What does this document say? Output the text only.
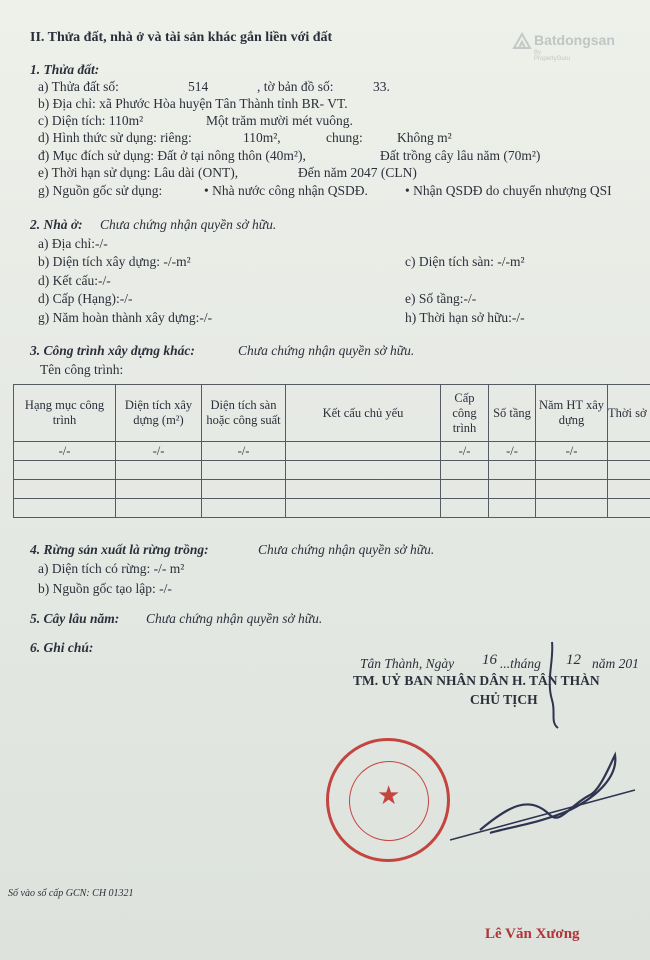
II. Thửa đất, nhà ở và tài sản khác gắn liền với đất	Batdongsan
By PropertyGuru
1. Thửa đất:
a) Thửa đất số:	514	, tờ bản đồ số:	33.
b) Địa chỉ: xã Phước Hòa huyện Tân Thành tỉnh BR- VT.
c) Diện tích: 110m²	Một trăm mười mét vuông.
d) Hình thức sử dụng: riêng:	110m²,	chung:	Không m²
đ) Mục đích sử dụng: Đất ở tại nông thôn (40m²),	Đất trồng cây lâu năm (70m²)
e) Thời hạn sử dụng: Lâu dài (ONT),	Đến năm 2047 (CLN)
g) Nguồn gốc sử dụng:	• Nhà nước công nhận QSDĐ.	• Nhận QSDĐ do chuyển nhượng QSI
2. Nhà ở: Chưa chứng nhận quyền sở hữu.
a) Địa chỉ:-/-
b) Diện tích xây dựng: -/-m²	c) Diện tích sàn: -/-m²
d) Kết cấu:-/-
d) Cấp (Hạng):-/-	e) Số tầng:-/-
g) Năm hoàn thành xây dựng:-/-	h) Thời hạn sở hữu:-/-
3. Công trình xây dựng khác:	Chưa chứng nhận quyền sở hữu.
Tên công trình:
Hạng mục công trình	Diện tích xây dựng (m²)	Diện tích sàn hoặc công suất	Kết cấu chủ yếu	Cấp công trình	Số tầng	Năm HT xây dựng	Thời sở
-/-	-/-	-/-		-/-	-/-	-/-	

4. Rừng sản xuất là rừng trồng:	Chưa chứng nhận quyền sở hữu.
a) Diện tích có rừng: -/- m²
b) Nguồn gốc tạo lập: -/-
5. Cây lâu năm: Chưa chứng nhận quyền sở hữu.
6. Ghi chú:
Tân Thành, Ngày 16 ...tháng 12 năm 201
TM. UỶ BAN NHÂN DÂN H. TÂN THÀN
CHỦ TỊCH
★
Số vào sổ cấp GCN: CH 01321
Lê Văn Xương
